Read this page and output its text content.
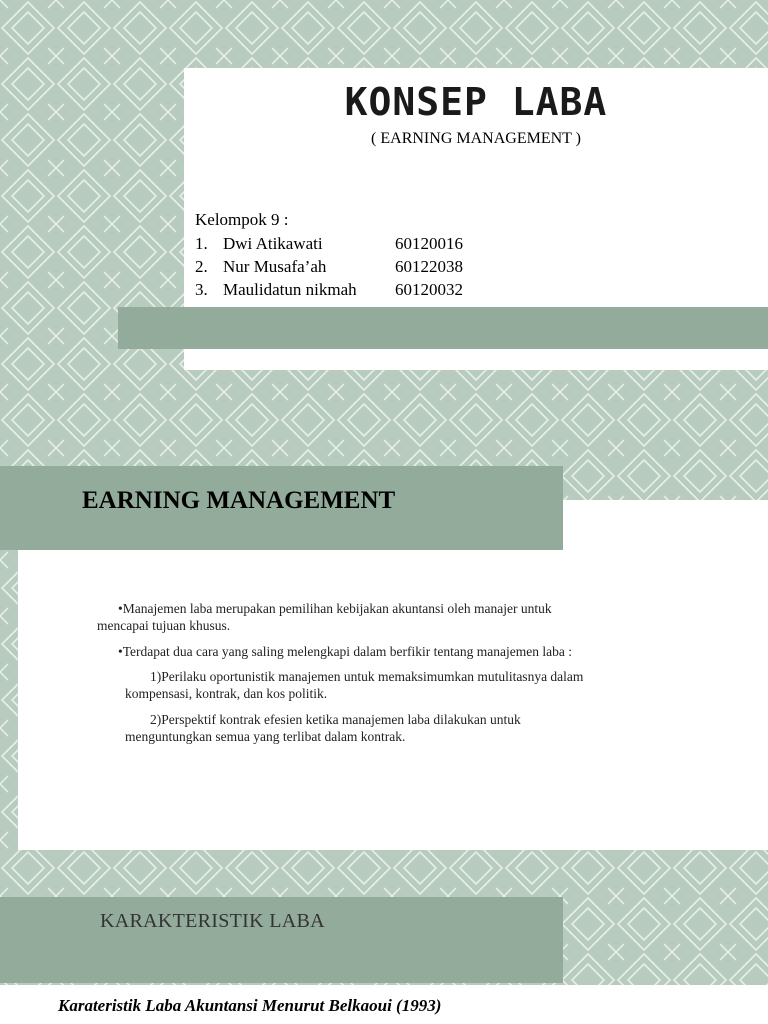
KONSEP LABA

( EARNING MANAGEMENT )

Kelompok 9 :
1. Dwi Atikawati	60120016
2. Nur Musafa’ah	60122038
3. Maulidatun nikmah 60120032
EARNING MANAGEMENT
•Manajemen laba merupakan pemilihan kebijakan akuntansi oleh manajer untuk
mencapai tujuan khusus.
•Terdapat dua cara yang saling melengkapi dalam berfikir tentang manajemen laba :
1)Perilaku oportunistik manajemen untuk memaksimumkan mutulitasnya dalam
kompensasi, kontrak, dan kos politik.
2)Perspektif kontrak efesien ketika manajemen laba dilakukan untuk
menguntungkan semua yang terlibat dalam kontrak.
KARAKTERISTIK LABA

Karateristik Laba Akuntansi Menurut Belkaoui (1993)
